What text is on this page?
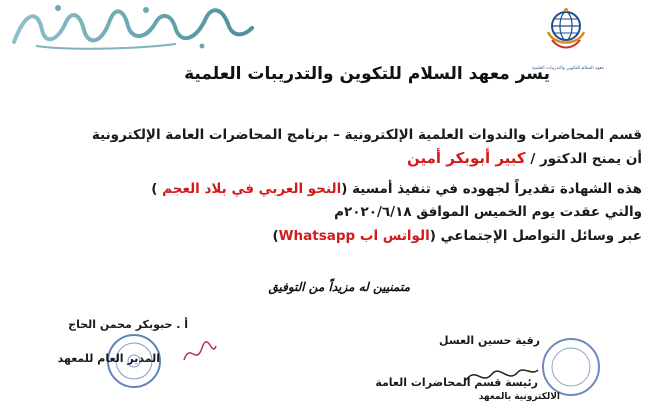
معهد السلام للتكوين والتدريبات العلمية
يسر معهد السلام للتكوين والتدريبات العلمية
قسم المحاضرات والندوات العلمية الإلكترونية – برنامج المحاضرات العامة الإلكترونية
أن يمنح الدكتور / كبير أبوبكر أمين
هذه الشهادة تقديراً لجهوده في تنفيذ أمسية (النحو العربي في بلاد العجم )
والتي عقدت يوم الخميس الموافق ٢٠٢٠/٦/١٨م
عبر وسائل التواصل الإجتماعي (الواتس اب Whatsapp)
متمنيين له مزيداً من التوفيق
أ . حبوبكر محمن الحاج
المدير العام للمعهد
رقية حسين العسل
رئيسة قسم المحاضرات العامة
الالكترونية بالمعهد
